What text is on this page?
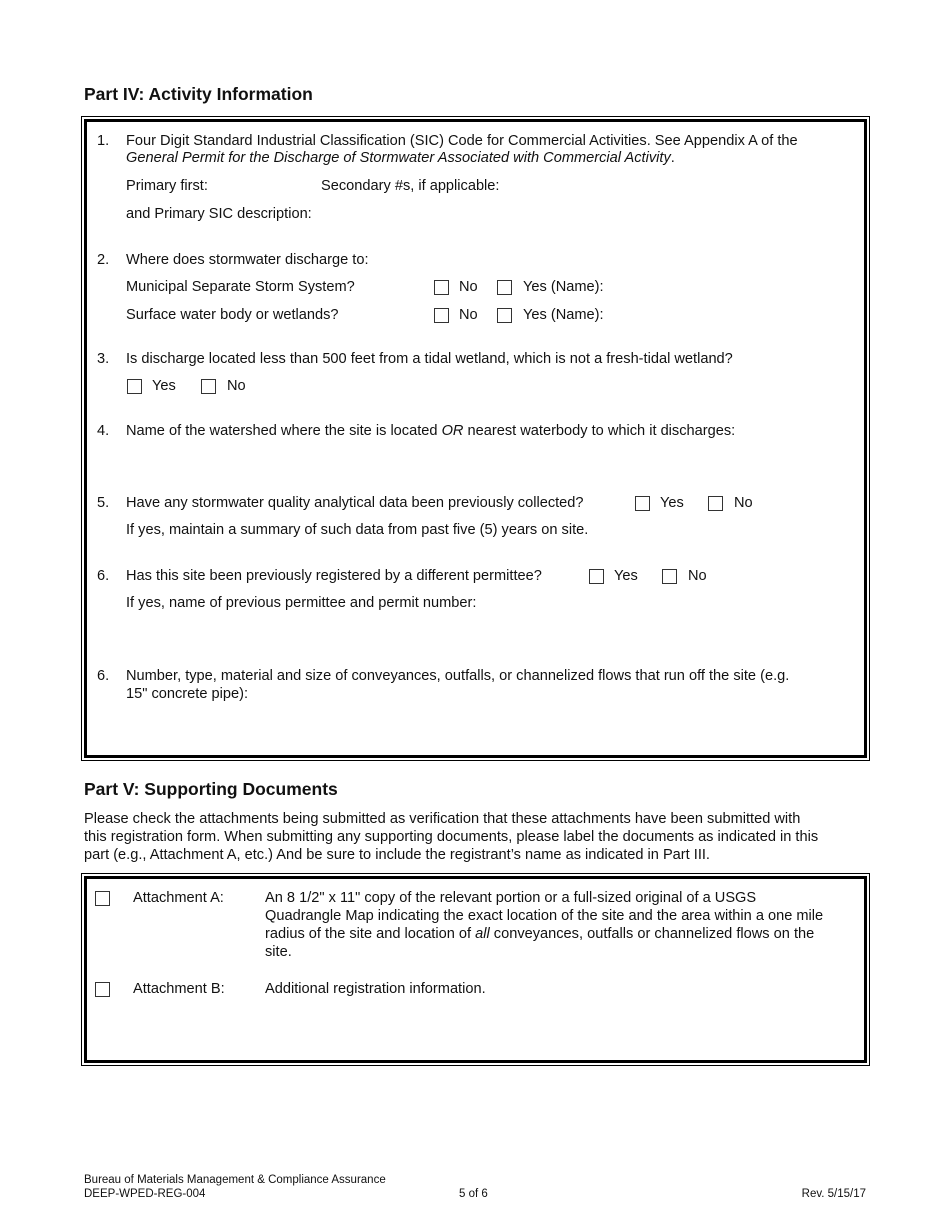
Part IV: Activity Information
1. Four Digit Standard Industrial Classification (SIC) Code for Commercial Activities. See Appendix A of the
General Permit for the Discharge of Stormwater Associated with Commercial Activity.
Primary first:	Secondary #s, if applicable:
and Primary SIC description:
2. Where does stormwater discharge to:
Municipal Separate Storm System?	No	Yes (Name):
Surface water body or wetlands?	No	Yes (Name):
3. Is discharge located less than 500 feet from a tidal wetland, which is not a fresh-tidal wetland?
Yes	No
4. Name of the watershed where the site is located OR nearest waterbody to which it discharges:
5. Have any stormwater quality analytical data been previously collected?	Yes	No
If yes, maintain a summary of such data from past five (5) years on site.
6. Has this site been previously registered by a different permittee?	Yes	No
If yes, name of previous permittee and permit number:
6. Number, type, material and size of conveyances, outfalls, or channelized flows that run off the site (e.g.
15" concrete pipe):
Part V: Supporting Documents
Please check the attachments being submitted as verification that these attachments have been submitted with
this registration form. When submitting any supporting documents, please label the documents as indicated in this
part (e.g., Attachment A, etc.) And be sure to include the registrant’s name as indicated in Part III.
Attachment A:	An 8 1/2" x 11" copy of the relevant portion or a full-sized original of a USGS
Quadrangle Map indicating the exact location of the site and the area within a one mile
radius of the site and location of all conveyances, outfalls or channelized flows on the
site.
Attachment B:	Additional registration information.
Bureau of Materials Management & Compliance Assurance
DEEP-WPED-REG-004	5 of 6	Rev. 5/15/17
